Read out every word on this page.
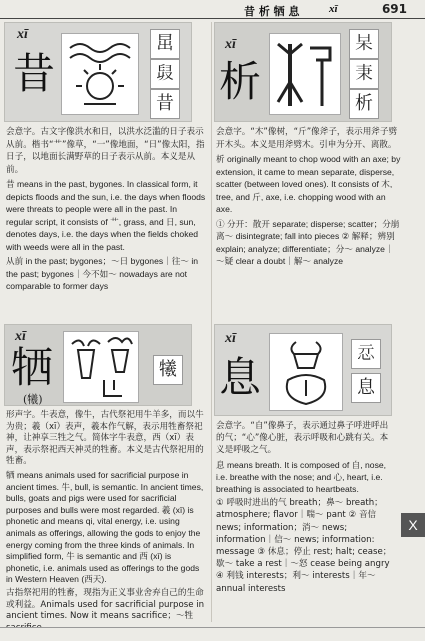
昔 析 牺 息	xī	691
xī
昔
𣅽
𦥠
昔

会意字。古文字像洪水和日，以洪水泛滥的日子表示从前。楷书“艹”像草，“一”像地面，“日”像太阳，指日子，以地面长满野草的日子表示从前。本义是从前。

昔 means in the past, bygones. In classical form, it depicts floods and the sun, i.e. the days when floods were threats to people were all in the past. In regular script, it consists of 艹, grass, and 日, sun, denotes days, i.e. the days when the fields choked with weeds were all in the past.

从前 in the past; bygones；～日 bygones｜往～ in the past; bygones｜今不如～ nowadays are not comparable to former days

xī
析
𣏁
𣏃
析

会意字。“木”像树，“斤”像斧子，表示用斧子劈开木头。本义是用斧劈木。引申为分开、离散。

析 originally meant to chop wood with an axe; by extension, it came to mean separate, disperse, scatter (between loved ones). It consists of 木, tree, and 斤, axe, i.e. chopping wood with an axe.

① 分开：散开 separate; disperse; scatter；分崩离～ disintegrate; fall into pieces ② 解释；辨别 explain; analyze; differentiate；分～ analyze｜～疑 clear a doubt｜解～ analyze

xī
牺
(犧)
犧

形声字。牛表意，像牛，古代祭祀用牛羊多，而以牛为贵；羲（xī）表声，羲本作气解，表示用牲畜祭祀神，让神享三牲之气。简体字牛表意，西（xī）表声，表示祭祀西天神灵的牲畜。本义是古代祭祀用的牲畜。

牺 means animals used for sacrificial purpose in ancient times. 牛, bull, is semantic. In ancient times, bulls, goats and pigs were used for sacrificial purposes and bulls were most regarded. 羲 (xī) is phonetic and means qi, vital energy, i.e. using animals as offerings, allowing the gods to enjoy the energy coming from the three kinds of animals. In simplified form, 牛 is semantic and 西 (xī) is phonetic, i.e. animals used as offerings to the gods in Western Heaven (西天).

古指祭祀用的牲畜，现指为正义事业舍弃自己的生命或利益。Animals used for sacrificial purpose in ancient times. Now it means sacrifice；～牲

xī
息	𢗏
息

会意字。“自”像鼻子，表示通过鼻子呼进呼出的气；“心”像心脏，表示呼吸和心跳有关。本义是呼吸之气。

息 means breath. It is composed of 自, nose, i.e. breathe with the nose; and 心, heart, i.e. breathing is associated to heartbeats.

① 呼吸时进出的气 breath；鼻～ breath；atmosphere; flavor｜喘～ pant ② 音信 news; information；消～ news; information｜信～ news; information: message ③ 休息；停止 rest; halt; cease；歇～ take a rest｜～怒 cease being angry ④ 利钱 interests；利～ interests｜年～ annual interests

X
